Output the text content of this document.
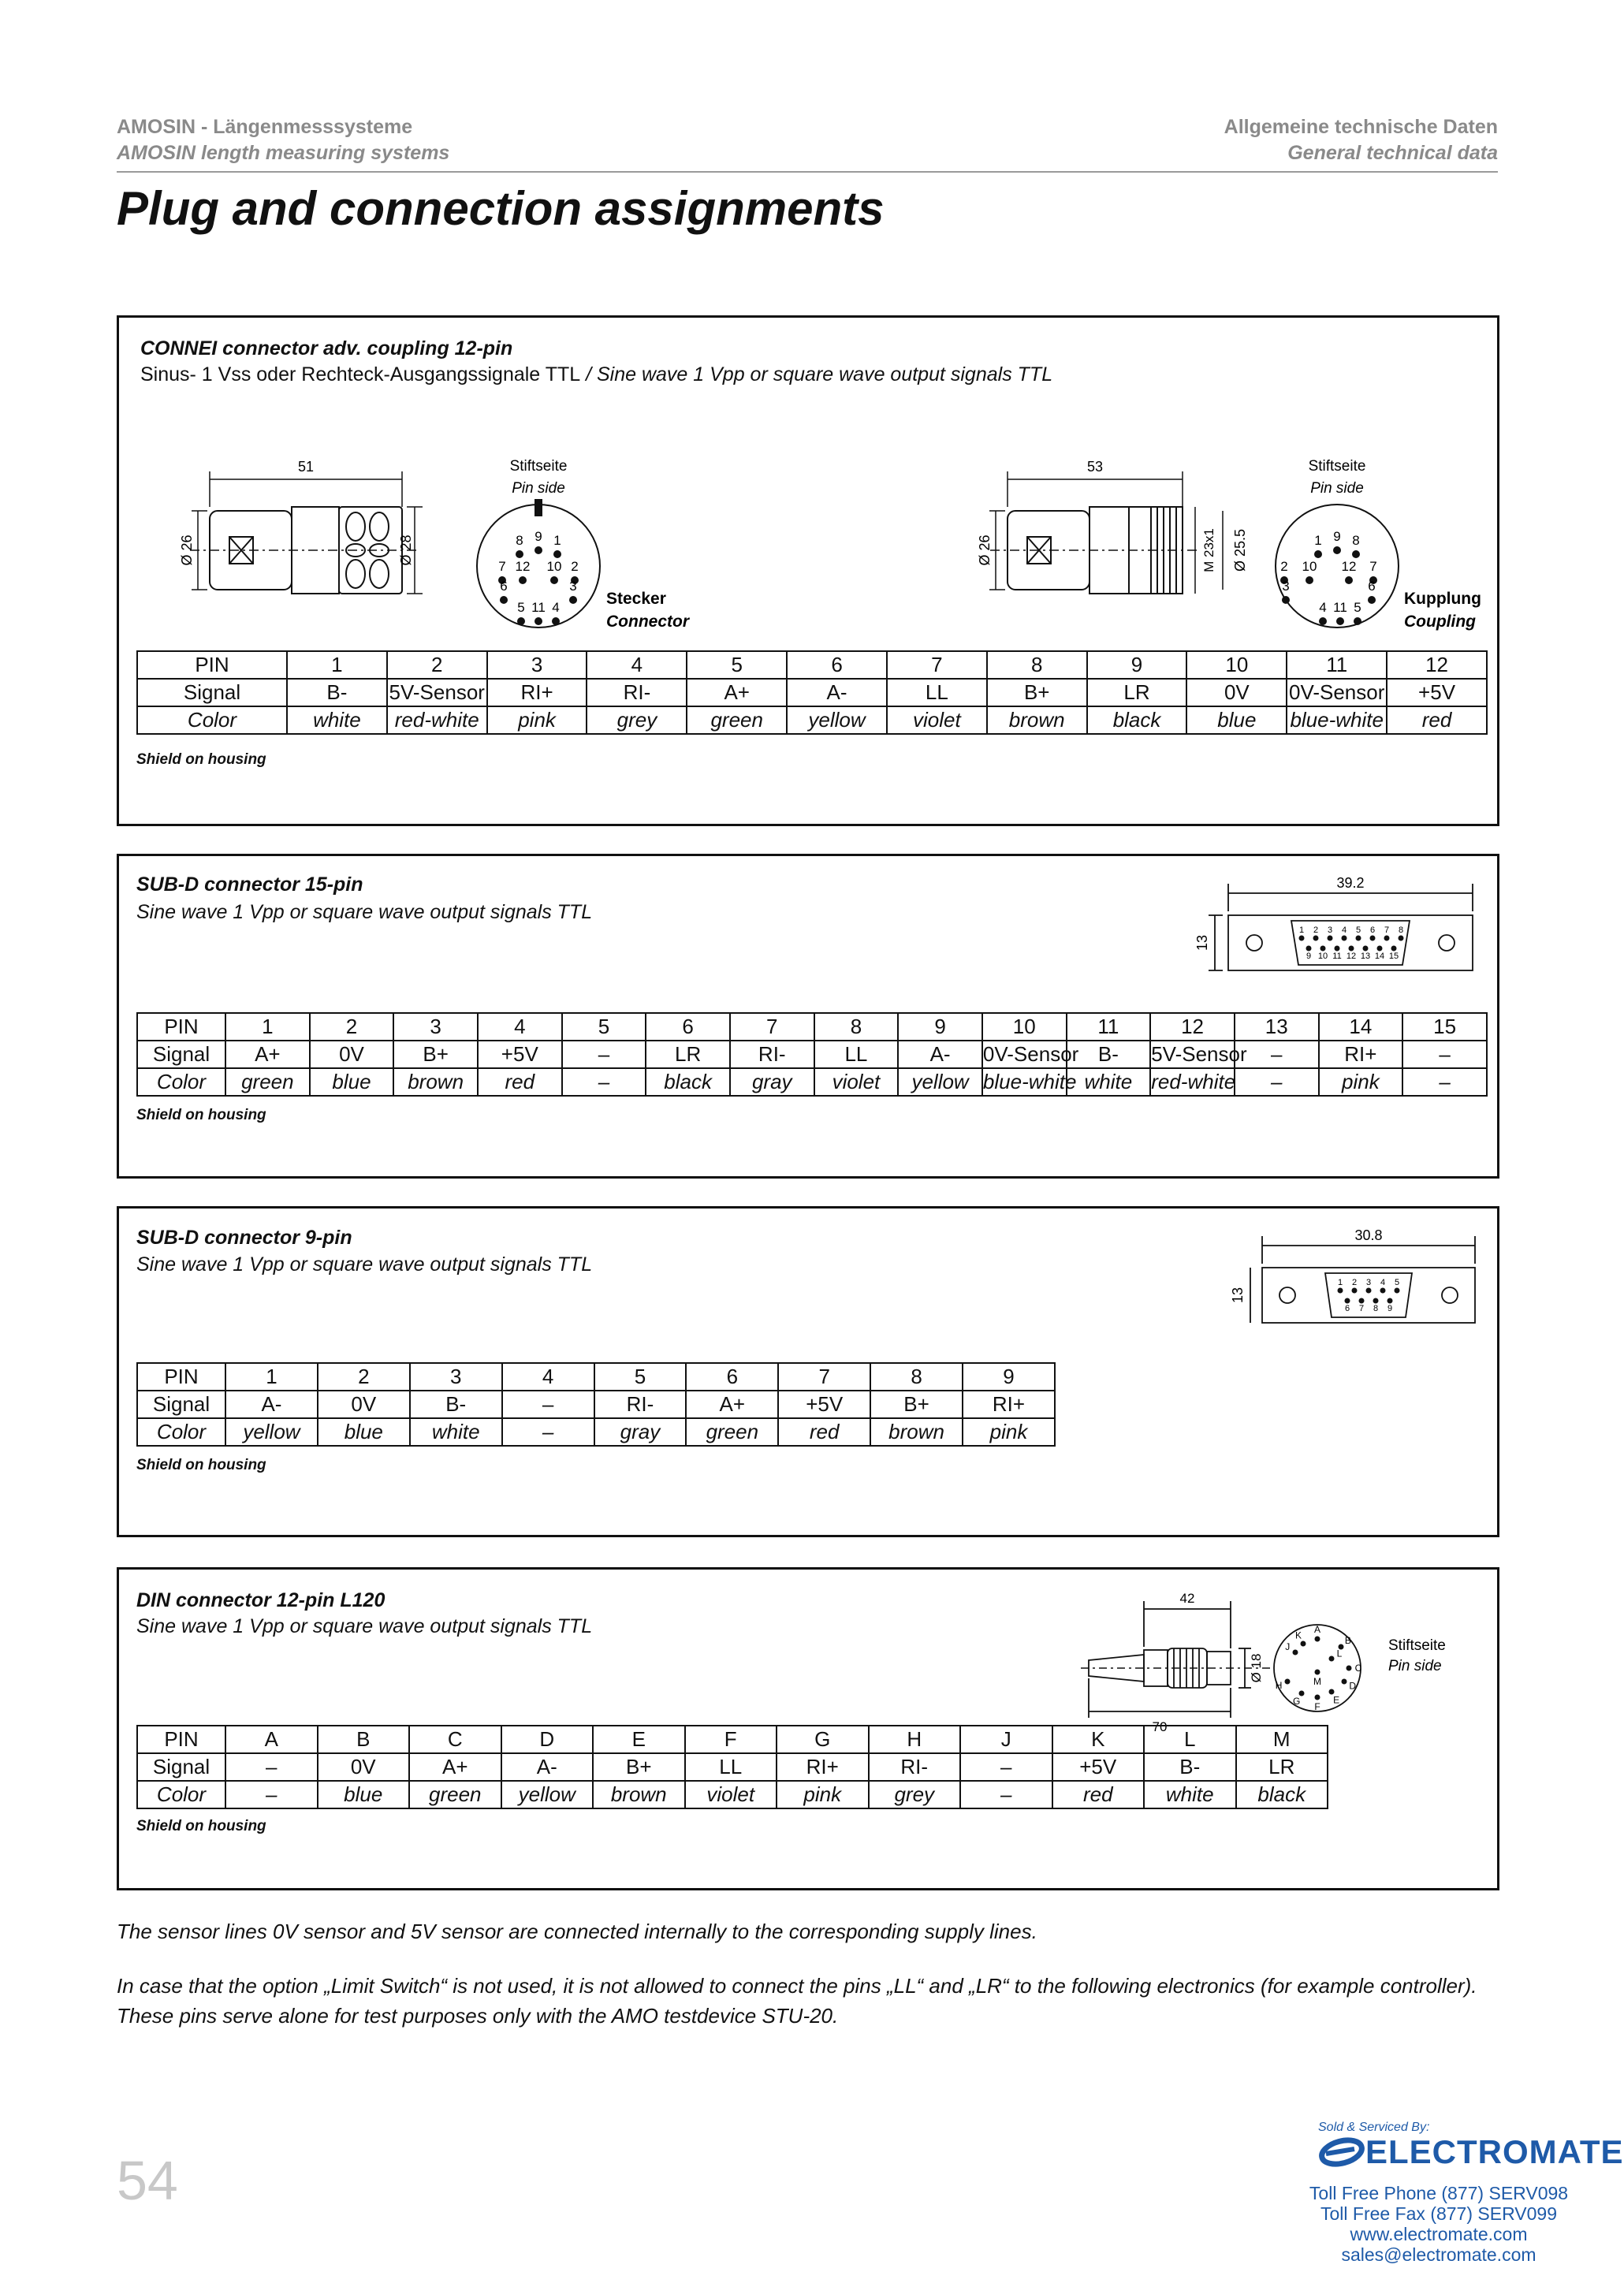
AMOSIN - Längenmesssysteme
AMOSIN length measuring systems
Allgemeine technische Daten
General technical data
Plug and connection assignments
CONNEI connector adv. coupling 12-pin
Sinus- 1 Vss oder Rechteck-Ausgangssignale TTL / Sine wave 1 Vpp or square wave output signals TTL
51
Ø 26	Ø 28
Stiftseite
Pin side
8 9 1
7 12 10 2
6	3
5 11 4	Stecker
Connector
53
Ø 26	M 23x1 Ø 25.5
Stiftseite
Pin side
1 9 8
2 10 12 7
3	6
4 11 5	Kupplung
Coupling
PIN	1	2	3	4	5	6	7	8	9	10	11	12
Signal	B-	5V-Sensor	RI+	RI-	A+	A-	LL	B+	LR	0V	0V-Sensor	+5V
Color	white	red-white	pink	grey	green	yellow	violet	brown	black	blue	blue-white	red
Shield on housing
SUB-D connector 15-pin
Sine wave 1 Vpp or square wave output signals TTL
39.2
1 2 3 4 5 6 7 8
9 10 11 12 13 14 15
13
PIN	1	2	3	4	5	6	7	8	9	10	11	12	13	14	15
Signal	A+	0V	B+	+5V	–	LR	RI-	LL	A-	0V-Sensor	B-	5V-Sensor	–	RI+	–
Color	green	blue	brown	red	–	black	gray	violet	yellow	blue-white	white	red-white	–	pink	–
Shield on housing
SUB-D connector 9-pin
Sine wave 1 Vpp or square wave output signals TTL
30.8
1 2 3 4 5
6 7 8 9
13
PIN	1	2	3	4	5	6	7	8	9
Signal	A-	0V	B-	–	RI-	A+	+5V	B+	RI+
Color	yellow	blue	white	–	gray	green	red	brown	pink
Shield on housing
DIN connector 12-pin L120
Sine wave 1 Vpp or square wave output signals TTL
42
70
Ø 18
A
B
C
D
E
F
G
H
J
K
L
M
Stiftseite
Pin side
PIN	A	B	C	D	E	F	G	H	J	K	L	M
Signal	–	0V	A+	A-	B+	LL	RI+	RI-	–	+5V	B-	LR
Color	–	blue	green	yellow	brown	violet	pink	grey	–	red	white	black
Shield on housing
The sensor lines 0V sensor and 5V sensor are connected internally to the corresponding supply lines.
In case that the option „Limit Switch“ is not used, it is not allowed to connect the pins „LL“ and „LR“ to the following electronics (for example controller). These pins serve alone for test purposes only with the AMO testdevice STU-20.
54
Sold & Serviced By:
ELECTROMATE
Toll Free Phone (877) SERV098
Toll Free Fax (877) SERV099
www.electromate.com
sales@electromate.com
